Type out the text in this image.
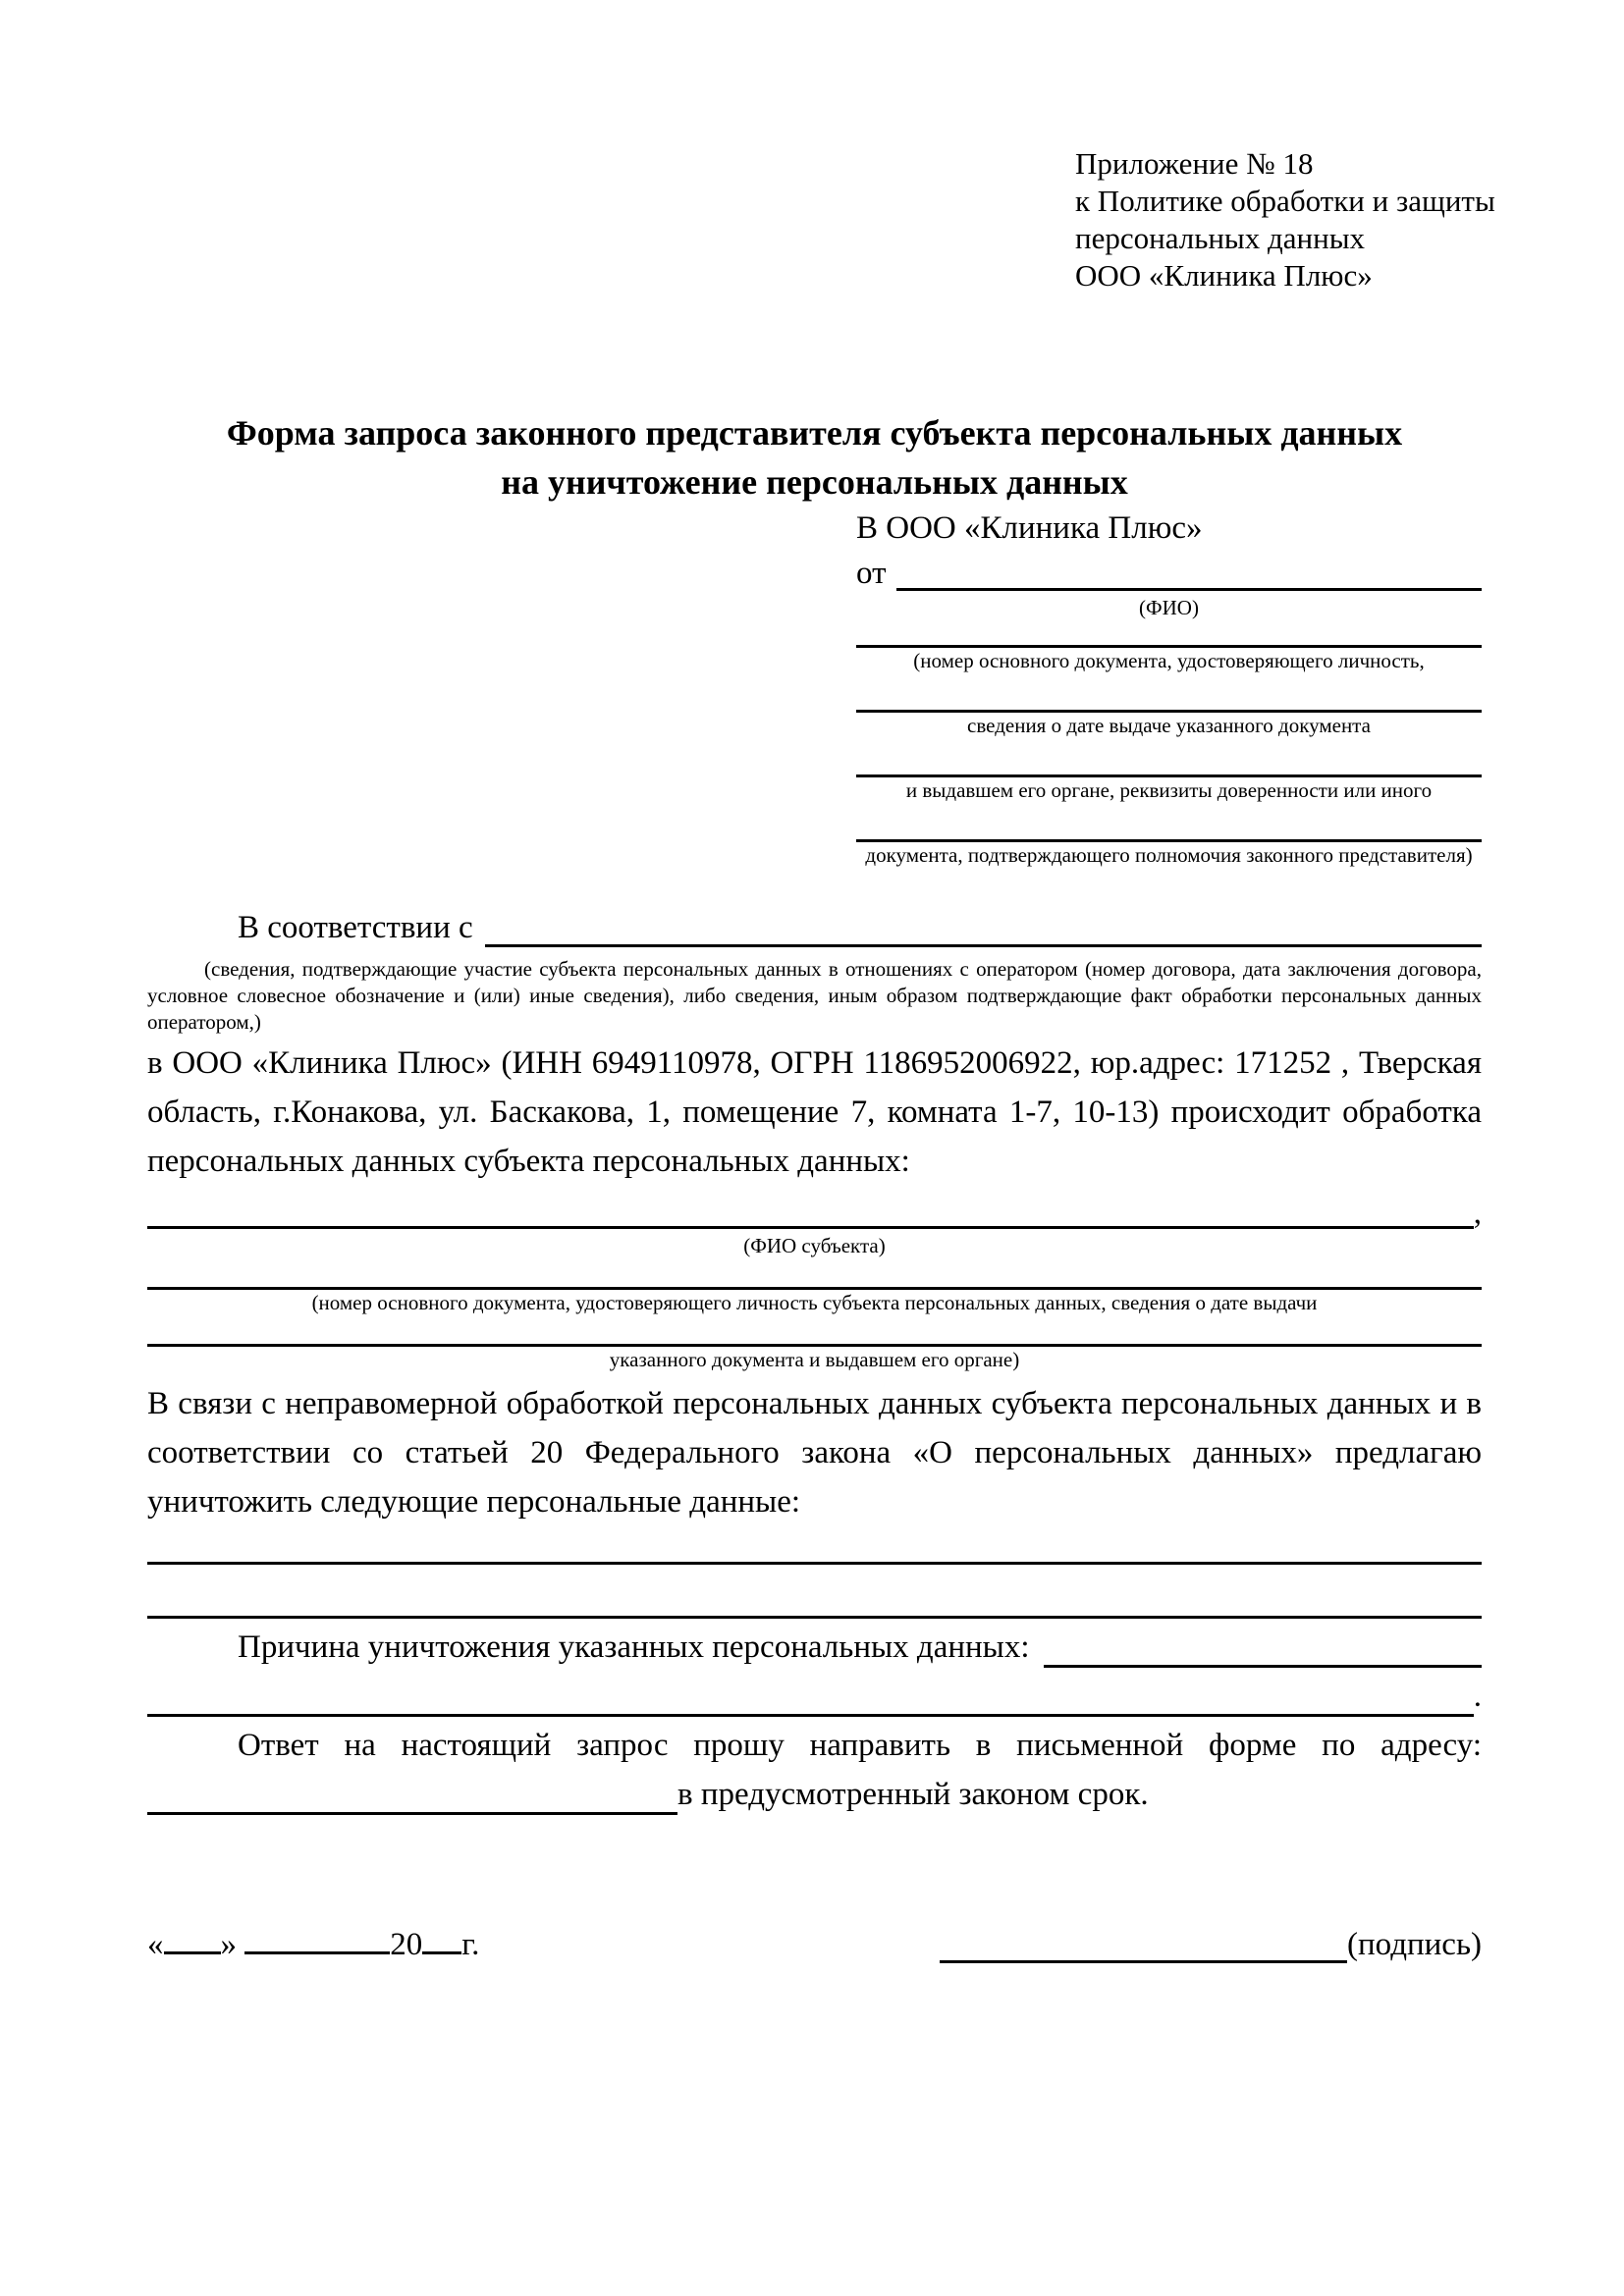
Приложение № 18
к Политике обработки и защиты
персональных данных
ООО «Клиника Плюс»
Форма запроса законного представителя субъекта персональных данных
на уничтожение персональных данных
В ООО «Клиника Плюс»
от
(ФИО)
(номер основного документа, удостоверяющего личность,
сведения о дате выдаче указанного документа
и выдавшем его органе, реквизиты доверенности или иного
документа, подтверждающего полномочия законного представителя)
В соответствии с
(сведения, подтверждающие участие субъекта персональных данных в отношениях с оператором (номер договора, дата заключения договора, условное словесное обозначение и (или) иные сведения), либо сведения, иным образом подтверждающие факт обработки персональных данных оператором,)
в ООО «Клиника Плюс» (ИНН 6949110978, ОГРН 1186952006922, юр.адрес: 171252 , Тверская область, г.Конакова, ул. Баскакова, 1, помещение 7, комната 1-7, 10-13) происходит обработка персональных данных субъекта персональных данных:
,
(ФИО субъекта)
(номер основного документа, удостоверяющего личность субъекта персональных данных, сведения о дате выдачи
указанного документа и выдавшем его органе)
В связи с неправомерной обработкой персональных данных субъекта персональных данных и в соответствии со статьей 20 Федерального закона «О персональных данных» предлагаю уничтожить следующие персональные данные:
Причина уничтожения указанных персональных данных:
.
Ответ на настоящий запрос прошу направить в письменной форме по адресу:
в предусмотренный законом срок.
« »	20 г.	(подпись)
